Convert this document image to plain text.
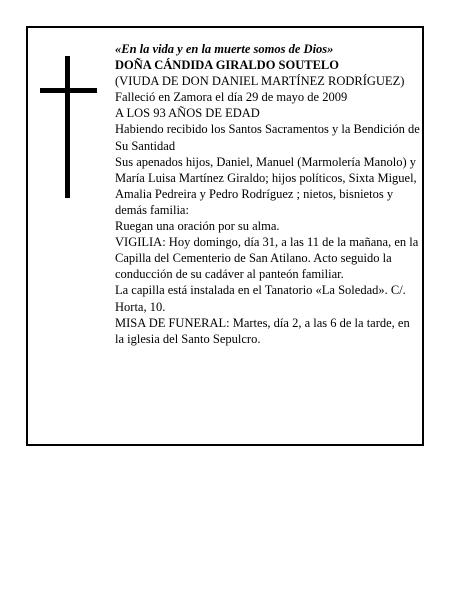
«En la vida y en la muerte somos de Dios»

DOÑA CÁNDIDA GIRALDO SOUTELO

(VIUDA DE DON DANIEL MARTÍNEZ RODRÍGUEZ)

Falleció en Zamora el día 29 de mayo de 2009

A LOS 93 AÑOS DE EDAD

Habiendo recibido los Santos Sacramentos y la Bendición de Su Santidad

Sus apenados hijos, Daniel, Manuel (Marmolería Manolo) y María Luisa Martínez Giraldo; hijos políticos, Sixta Miguel, Amalia Pedreira y Pedro Rodríguez ; nietos, bisnietos y demás familia:

Ruegan una oración por su alma.

VIGILIA: Hoy domingo, día 31, a las 11 de la mañana, en la Capilla del Cementerio de San Atilano. Acto seguido la conducción de su cadáver al panteón familiar.

La capilla está instalada en el Tanatorio «La Soledad». C/. Horta, 10.

MISA DE FUNERAL: Martes, día 2, a las 6 de la tarde, en la iglesia del Santo Sepulcro.
